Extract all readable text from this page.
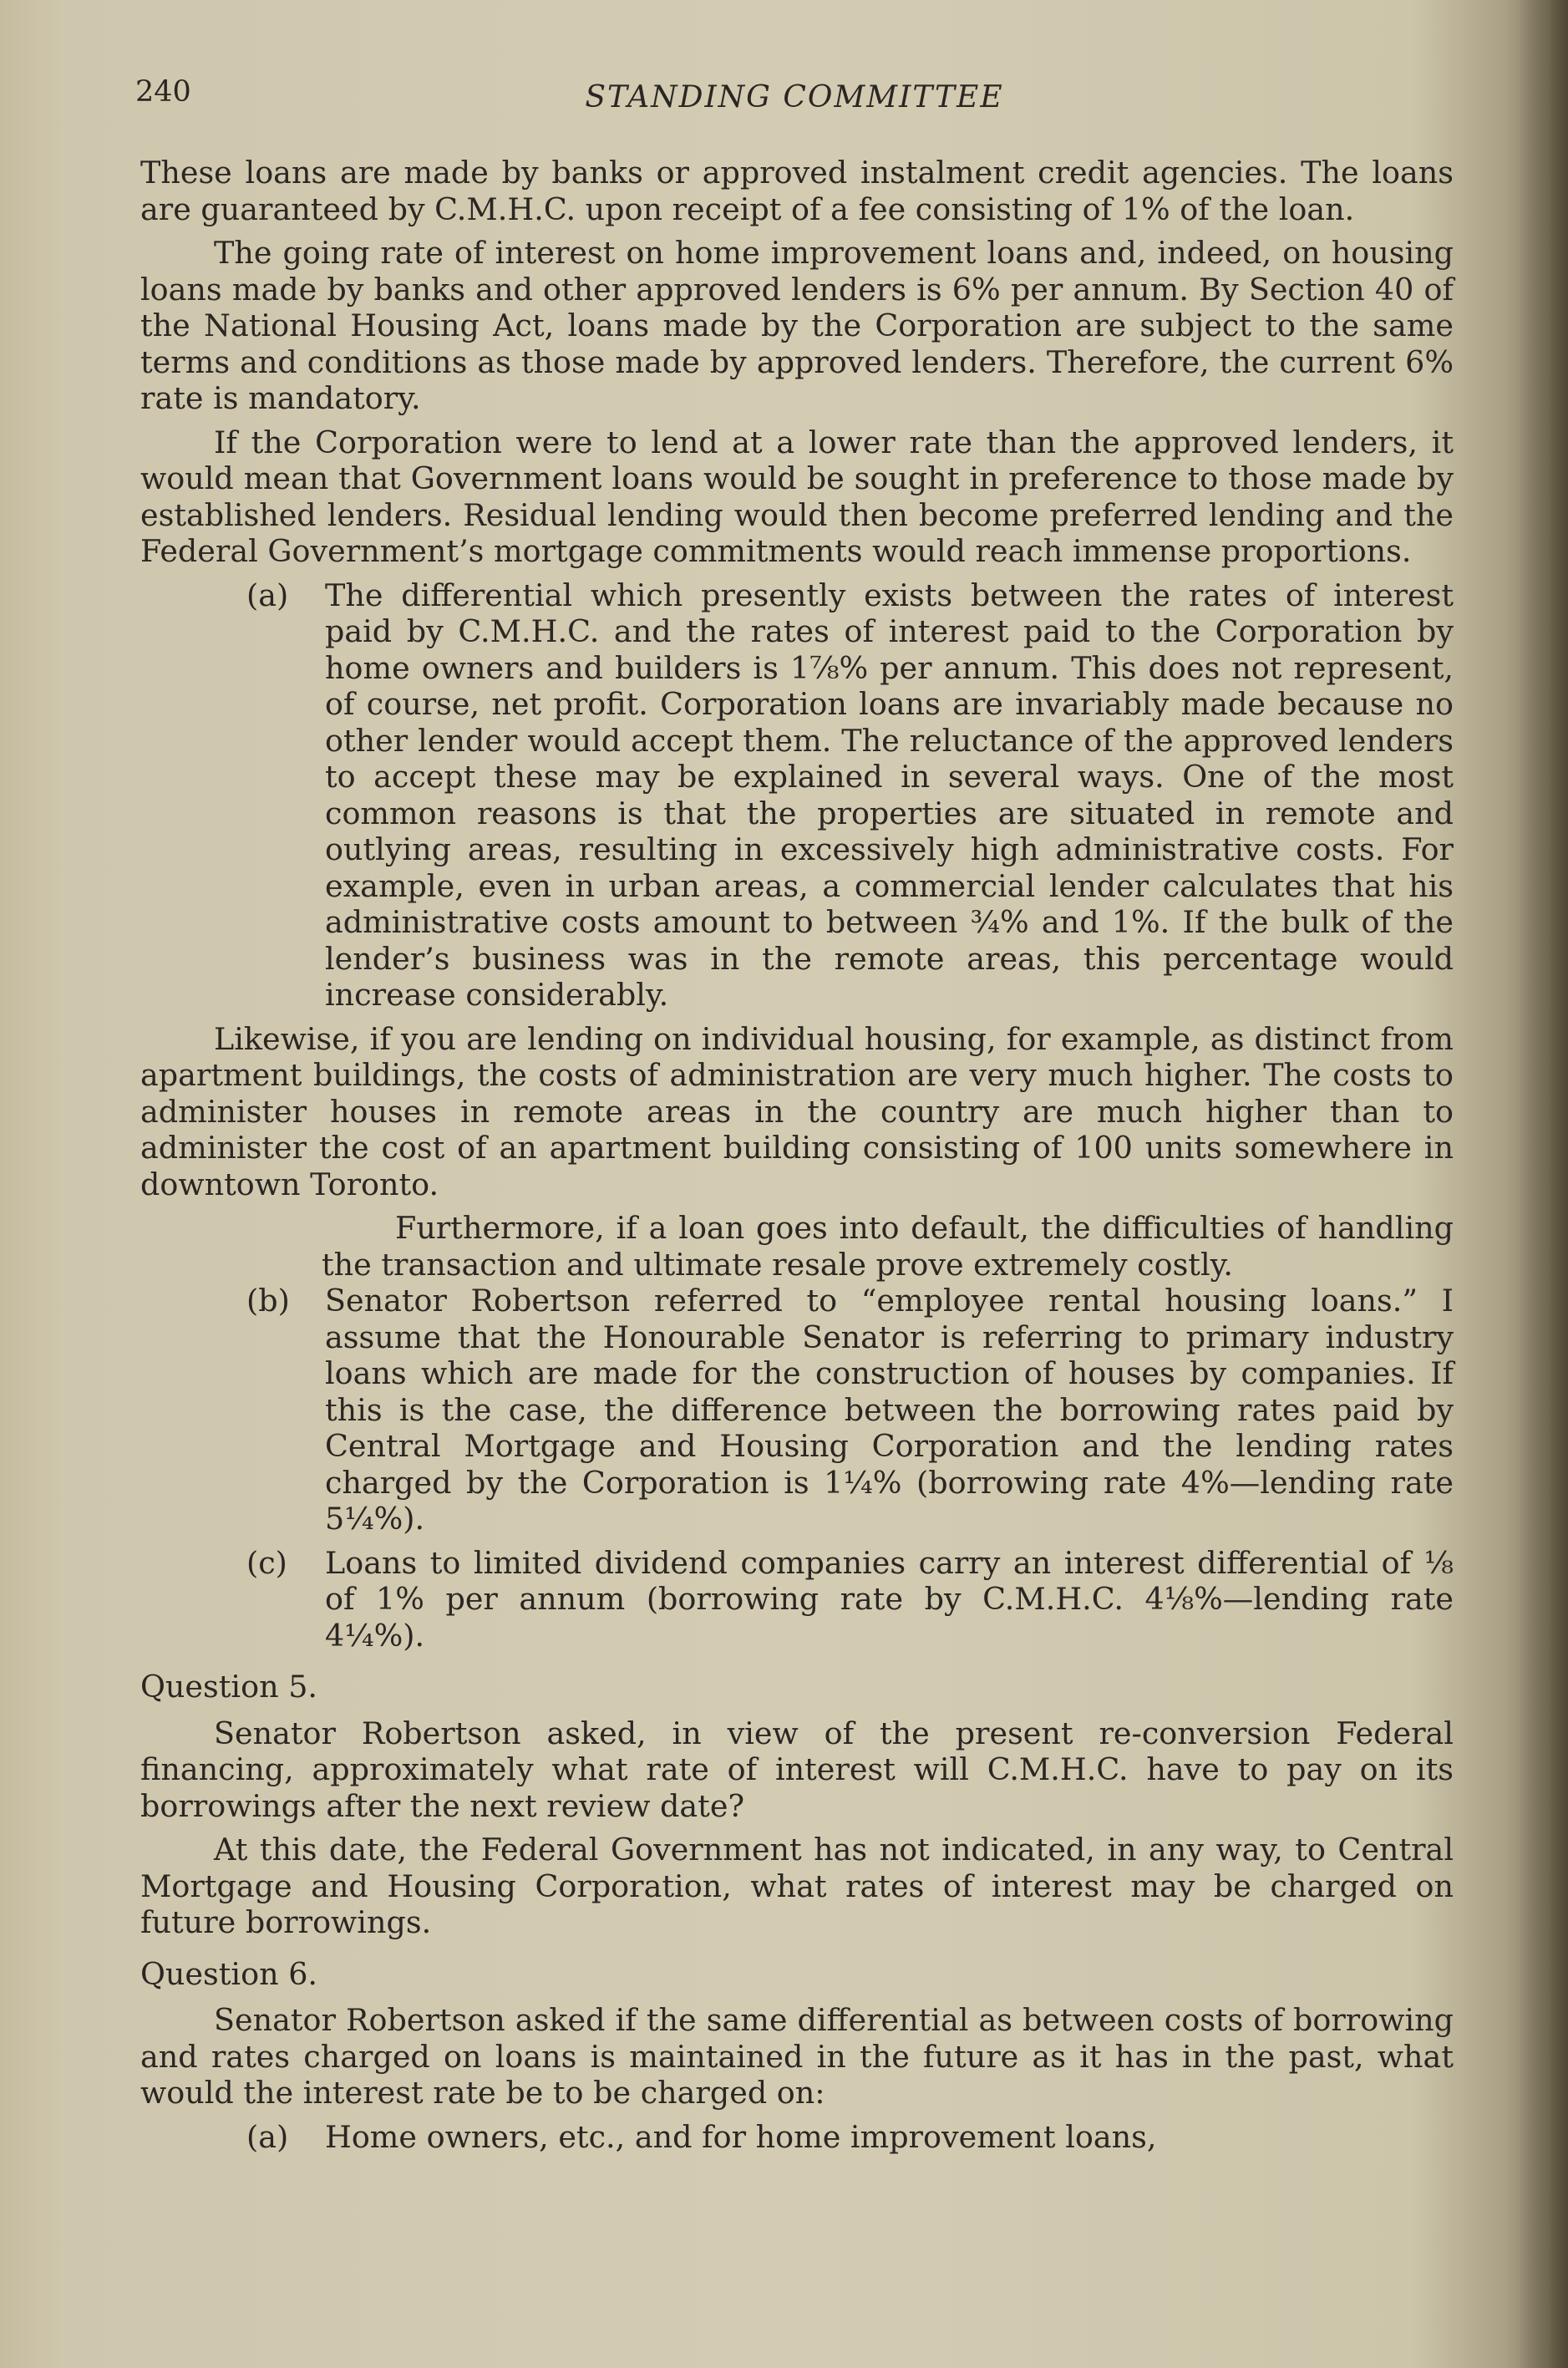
240	STANDING COMMITTEE

These loans are made by banks or approved instalment credit agencies. The loans are guaranteed by C.M.H.C. upon receipt of a fee consisting of 1% of the loan.

The going rate of interest on home improvement loans and, indeed, on housing loans made by banks and other approved lenders is 6% per annum. By Section 40 of the National Housing Act, loans made by the Corporation are subject to the same terms and conditions as those made by approved lenders. Therefore, the current 6% rate is mandatory.

If the Corporation were to lend at a lower rate than the approved lenders, it would mean that Government loans would be sought in preference to those made by established lenders. Residual lending would then become preferred lending and the Federal Government’s mortgage commitments would reach immense proportions.

(a)	The differential which presently exists between the rates of interest paid by C.M.H.C. and the rates of interest paid to the Corporation by home owners and builders is 1⅞% per annum. This does not represent, of course, net profit. Corporation loans are invariably made because no other lender would accept them. The reluctance of the approved lenders to accept these may be explained in several ways. One of the most common reasons is that the properties are situated in remote and outlying areas, resulting in excessively high administrative costs. For example, even in urban areas, a commercial lender calculates that his administrative costs amount to between ¾% and 1%. If the bulk of the lender’s business was in the remote areas, this percentage would increase considerably.

Likewise, if you are lending on individual housing, for example, as distinct from apartment buildings, the costs of administration are very much higher. The costs to administer houses in remote areas in the country are much higher than to administer the cost of an apartment building consisting of 100 units somewhere in downtown Toronto.

Furthermore, if a loan goes into default, the difficulties of handling the transaction and ultimate resale prove extremely costly.

(b)	Senator Robertson referred to “employee rental housing loans.” I assume that the Honourable Senator is referring to primary industry loans which are made for the construction of houses by companies. If this is the case, the difference between the borrowing rates paid by Central Mortgage and Housing Corporation and the lending rates charged by the Corporation is 1¼% (borrowing rate 4%—lending rate 5¼%).
(c)	Loans to limited dividend companies carry an interest differential of ⅛ of 1% per annum (borrowing rate by C.M.H.C. 4⅛%—lending rate 4¼%).

Question 5.

Senator Robertson asked, in view of the present re-conversion Federal financing, approximately what rate of interest will C.M.H.C. have to pay on its borrowings after the next review date?

At this date, the Federal Government has not indicated, in any way, to Central Mortgage and Housing Corporation, what rates of interest may be charged on future borrowings.

Question 6.

Senator Robertson asked if the same differential as between costs of borrowing and rates charged on loans is maintained in the future as it has in the past, what would the interest rate be to be charged on:

(a)	Home owners, etc., and for home improvement loans,
